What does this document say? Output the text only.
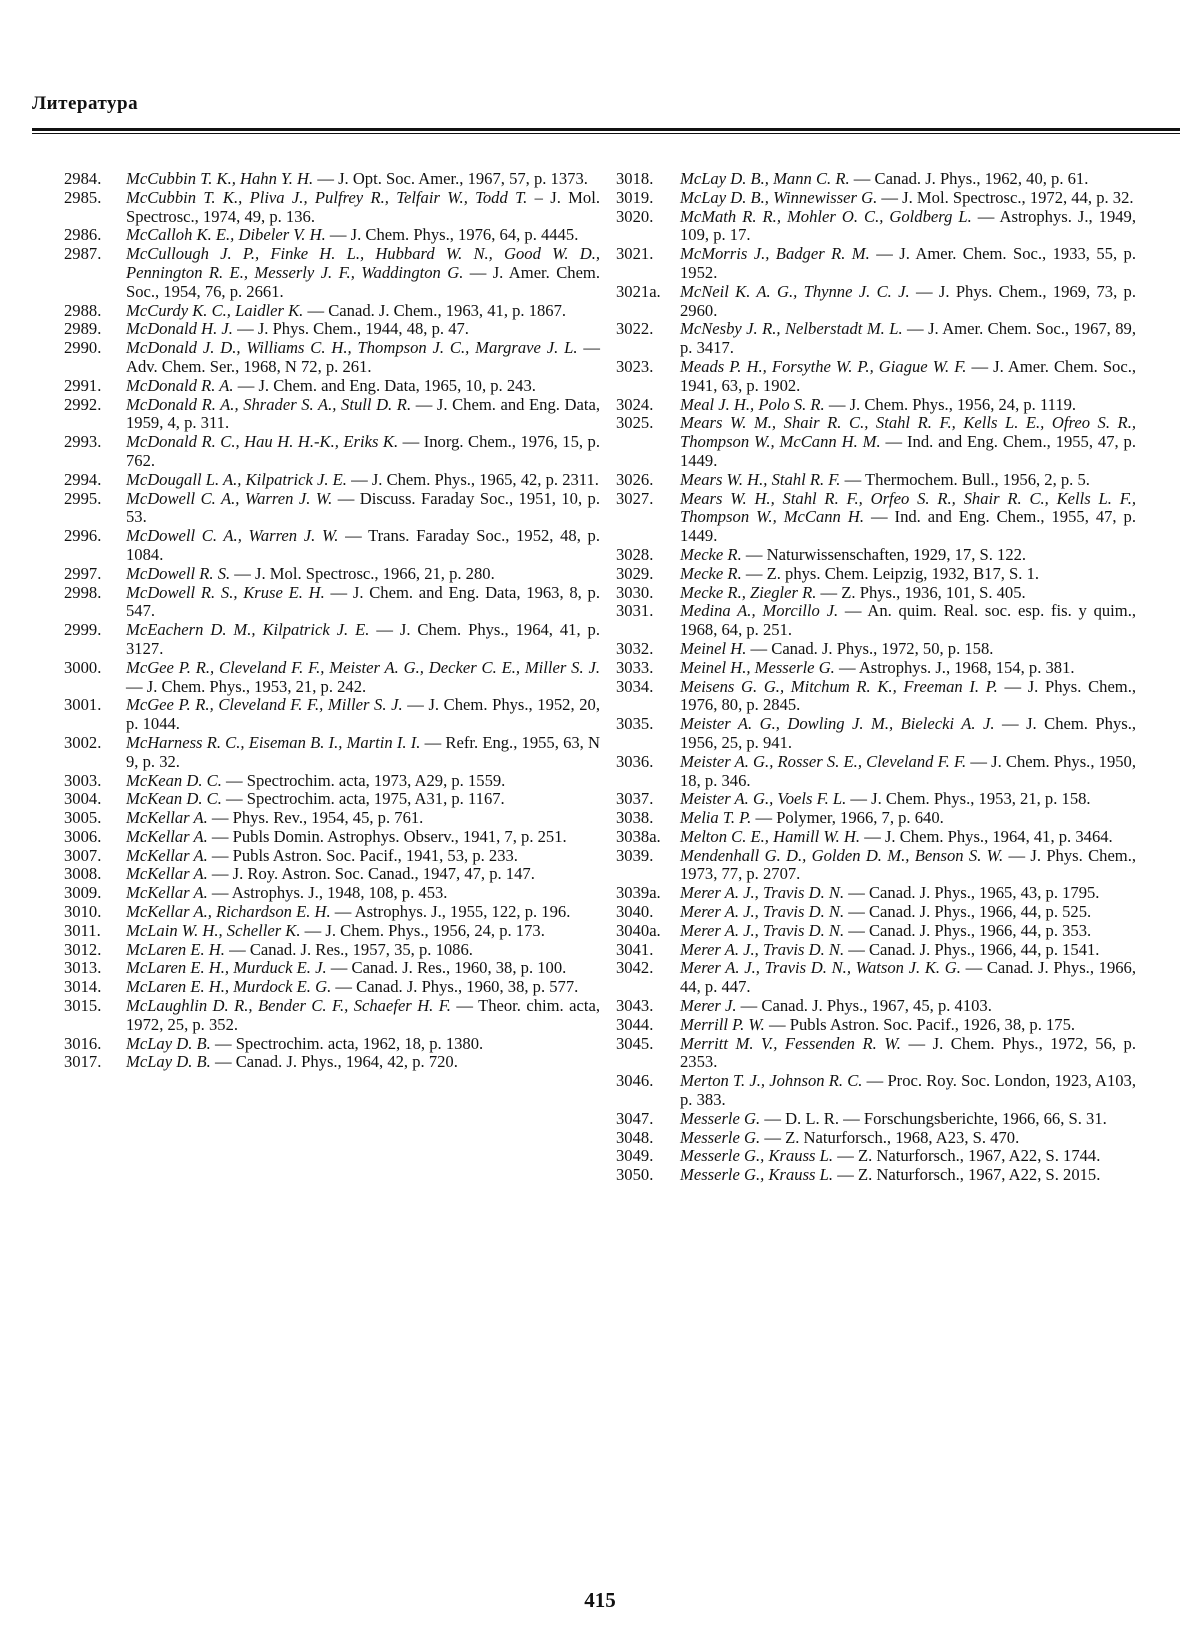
Литература
2984.	McCubbin T. K., Hahn Y. H. — J. Opt. Soc. Amer., 1967, 57, p. 1373.
2985.	McCubbin T. K., Pliva J., Pulfrey R., Telfair W., Todd T. – J. Mol. Spectrosc., 1974, 49, p. 136.
2986.	McCalloh K. E., Dibeler V. H. — J. Chem. Phys., 1976, 64, p. 4445.
2987.	McCullough J. P., Finke H. L., Hubbard W. N., Good W. D., Pennington R. E., Messerly J. F., Waddington G. — J. Amer. Chem. Soc., 1954, 76, p. 2661.
2988.	McCurdy K. C., Laidler K. — Canad. J. Chem., 1963, 41, p. 1867.
2989.	McDonald H. J. — J. Phys. Chem., 1944, 48, p. 47.
2990.	McDonald J. D., Williams C. H., Thompson J. C., Margrave J. L. — Adv. Chem. Ser., 1968, N 72, p. 261.
2991.	McDonald R. A. — J. Chem. and Eng. Data, 1965, 10, p. 243.
2992.	McDonald R. A., Shrader S. A., Stull D. R. — J. Chem. and Eng. Data, 1959, 4, p. 311.
2993.	McDonald R. C., Hau H. H.-K., Eriks K. — Inorg. Chem., 1976, 15, p. 762.
2994.	McDougall L. A., Kilpatrick J. E. — J. Chem. Phys., 1965, 42, p. 2311.
2995.	McDowell C. A., Warren J. W. — Discuss. Faraday Soc., 1951, 10, p. 53.
2996.	McDowell C. A., Warren J. W. — Trans. Faraday Soc., 1952, 48, p. 1084.
2997.	McDowell R. S. — J. Mol. Spectrosc., 1966, 21, p. 280.
2998.	McDowell R. S., Kruse E. H. — J. Chem. and Eng. Data, 1963, 8, p. 547.
2999.	McEachern D. M., Kilpatrick J. E. — J. Chem. Phys., 1964, 41, p. 3127.
3000.	McGee P. R., Cleveland F. F., Meister A. G., Decker C. E., Miller S. J. — J. Chem. Phys., 1953, 21, p. 242.
3001.	McGee P. R., Cleveland F. F., Miller S. J. — J. Chem. Phys., 1952, 20, p. 1044.
3002.	McHarness R. C., Eiseman B. I., Martin I. I. — Refr. Eng., 1955, 63, N 9, p. 32.
3003.	McKean D. C. — Spectrochim. acta, 1973, A29, p. 1559.
3004.	McKean D. C. — Spectrochim. acta, 1975, A31, p. 1167.
3005.	McKellar A. — Phys. Rev., 1954, 45, p. 761.
3006.	McKellar A. — Publs Domin. Astrophys. Observ., 1941, 7, p. 251.
3007.	McKellar A. — Publs Astron. Soc. Pacif., 1941, 53, p. 233.
3008.	McKellar A. — J. Roy. Astron. Soc. Canad., 1947, 47, p. 147.
3009.	McKellar A. — Astrophys. J., 1948, 108, p. 453.
3010.	McKellar A., Richardson E. H. — Astrophys. J., 1955, 122, p. 196.
3011.	McLain W. H., Scheller K. — J. Chem. Phys., 1956, 24, p. 173.
3012.	McLaren E. H. — Canad. J. Res., 1957, 35, p. 1086.
3013.	McLaren E. H., Murduck E. J. — Canad. J. Res., 1960, 38, p. 100.
3014.	McLaren E. H., Murdock E. G. — Canad. J. Phys., 1960, 38, p. 577.
3015.	McLaughlin D. R., Bender C. F., Schaefer H. F. — Theor. chim. acta, 1972, 25, p. 352.
3016.	McLay D. B. — Spectrochim. acta, 1962, 18, p. 1380.
3017.	McLay D. B. — Canad. J. Phys., 1964, 42, p. 720.
3018.	McLay D. B., Mann C. R. — Canad. J. Phys., 1962, 40, p. 61.
3019.	McLay D. B., Winnewisser G. — J. Mol. Spectrosc., 1972, 44, p. 32.
3020.	McMath R. R., Mohler O. C., Goldberg L. — Astrophys. J., 1949, 109, p. 17.
3021.	McMorris J., Badger R. M. — J. Amer. Chem. Soc., 1933, 55, p. 1952.
3021a.	McNeil K. A. G., Thynne J. C. J. — J. Phys. Chem., 1969, 73, p. 2960.
3022.	McNesby J. R., Nelberstadt M. L. — J. Amer. Chem. Soc., 1967, 89, p. 3417.
3023.	Meads P. H., Forsythe W. P., Giague W. F. — J. Amer. Chem. Soc., 1941, 63, p. 1902.
3024.	Meal J. H., Polo S. R. — J. Chem. Phys., 1956, 24, p. 1119.
3025.	Mears W. M., Shair R. C., Stahl R. F., Kells L. E., Ofreo S. R., Thompson W., McCann H. M. — Ind. and Eng. Chem., 1955, 47, p. 1449.
3026.	Mears W. H., Stahl R. F. — Thermochem. Bull., 1956, 2, p. 5.
3027.	Mears W. H., Stahl R. F., Orfeo S. R., Shair R. C., Kells L. F., Thompson W., McCann H. — Ind. and Eng. Chem., 1955, 47, p. 1449.
3028.	Mecke R. — Naturwissenschaften, 1929, 17, S. 122.
3029.	Mecke R. — Z. phys. Chem. Leipzig, 1932, B17, S. 1.
3030.	Mecke R., Ziegler R. — Z. Phys., 1936, 101, S. 405.
3031.	Medina A., Morcillo J. — An. quim. Real. soc. esp. fis. y quim., 1968, 64, p. 251.
3032.	Meinel H. — Canad. J. Phys., 1972, 50, p. 158.
3033.	Meinel H., Messerle G. — Astrophys. J., 1968, 154, p. 381.
3034.	Meisens G. G., Mitchum R. K., Freeman I. P. — J. Phys. Chem., 1976, 80, p. 2845.
3035.	Meister A. G., Dowling J. M., Bielecki A. J. — J. Chem. Phys., 1956, 25, p. 941.
3036.	Meister A. G., Rosser S. E., Cleveland F. F. — J. Chem. Phys., 1950, 18, p. 346.
3037.	Meister A. G., Voels F. L. — J. Chem. Phys., 1953, 21, p. 158.
3038.	Melia T. P. — Polymer, 1966, 7, p. 640.
3038a.	Melton C. E., Hamill W. H. — J. Chem. Phys., 1964, 41, p. 3464.
3039.	Mendenhall G. D., Golden D. M., Benson S. W. — J. Phys. Chem., 1973, 77, p. 2707.
3039a.	Merer A. J., Travis D. N. — Canad. J. Phys., 1965, 43, p. 1795.
3040.	Merer A. J., Travis D. N. — Canad. J. Phys., 1966, 44, p. 525.
3040a.	Merer A. J., Travis D. N. — Canad. J. Phys., 1966, 44, p. 353.
3041.	Merer A. J., Travis D. N. — Canad. J. Phys., 1966, 44, p. 1541.
3042.	Merer A. J., Travis D. N., Watson J. K. G. — Canad. J. Phys., 1966, 44, p. 447.
3043.	Merer J. — Canad. J. Phys., 1967, 45, p. 4103.
3044.	Merrill P. W. — Publs Astron. Soc. Pacif., 1926, 38, p. 175.
3045.	Merritt M. V., Fessenden R. W. — J. Chem. Phys., 1972, 56, p. 2353.
3046.	Merton T. J., Johnson R. C. — Proc. Roy. Soc. London, 1923, A103, p. 383.
3047.	Messerle G. — D. L. R. — Forschungsberichte, 1966, 66, S. 31.
3048.	Messerle G. — Z. Naturforsch., 1968, A23, S. 470.
3049.	Messerle G., Krauss L. — Z. Naturforsch., 1967, A22, S. 1744.
3050.	Messerle G., Krauss L. — Z. Naturforsch., 1967, A22, S. 2015.
415
